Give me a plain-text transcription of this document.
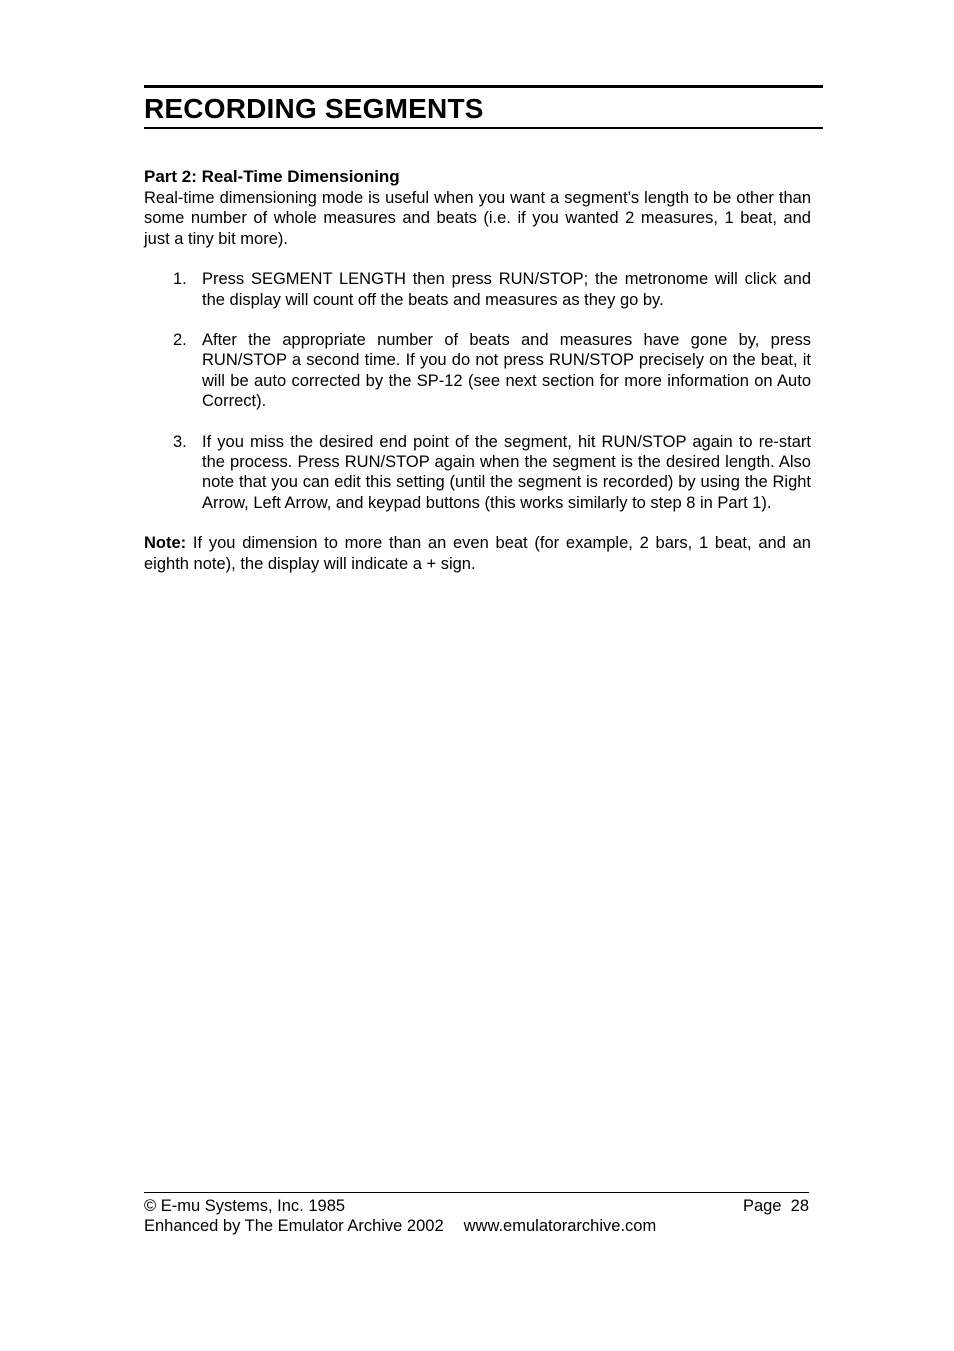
RECORDING SEGMENTS
Part 2: Real-Time Dimensioning

Real-time dimensioning mode is useful when you want a segment’s length to be other than some number of whole measures and beats (i.e. if you wanted 2 measures, 1 beat, and just a tiny bit more).

1. Press SEGMENT LENGTH then press RUN/STOP; the metronome will click and the display will count off the beats and measures as they go by.
2. After the appropriate number of beats and measures have gone by, press RUN/STOP a second time. If you do not press RUN/STOP precisely on the beat, it will be auto corrected by the SP-12 (see next section for more information on Auto Correct).
3. If you miss the desired end point of the segment, hit RUN/STOP again to re-start the process. Press RUN/STOP again when the segment is the desired length. Also note that you can edit this setting (until the segment is recorded) by using the Right Arrow, Left Arrow, and keypad buttons (this works similarly to step 8 in Part 1).

Note: If you dimension to more than an even beat (for example, 2 bars, 1 beat, and an eighth note), the display will indicate a + sign.

© E-mu Systems, Inc. 1985	Page  28
Enhanced by The Emulator Archive 2002 www.emulatorarchive.com
